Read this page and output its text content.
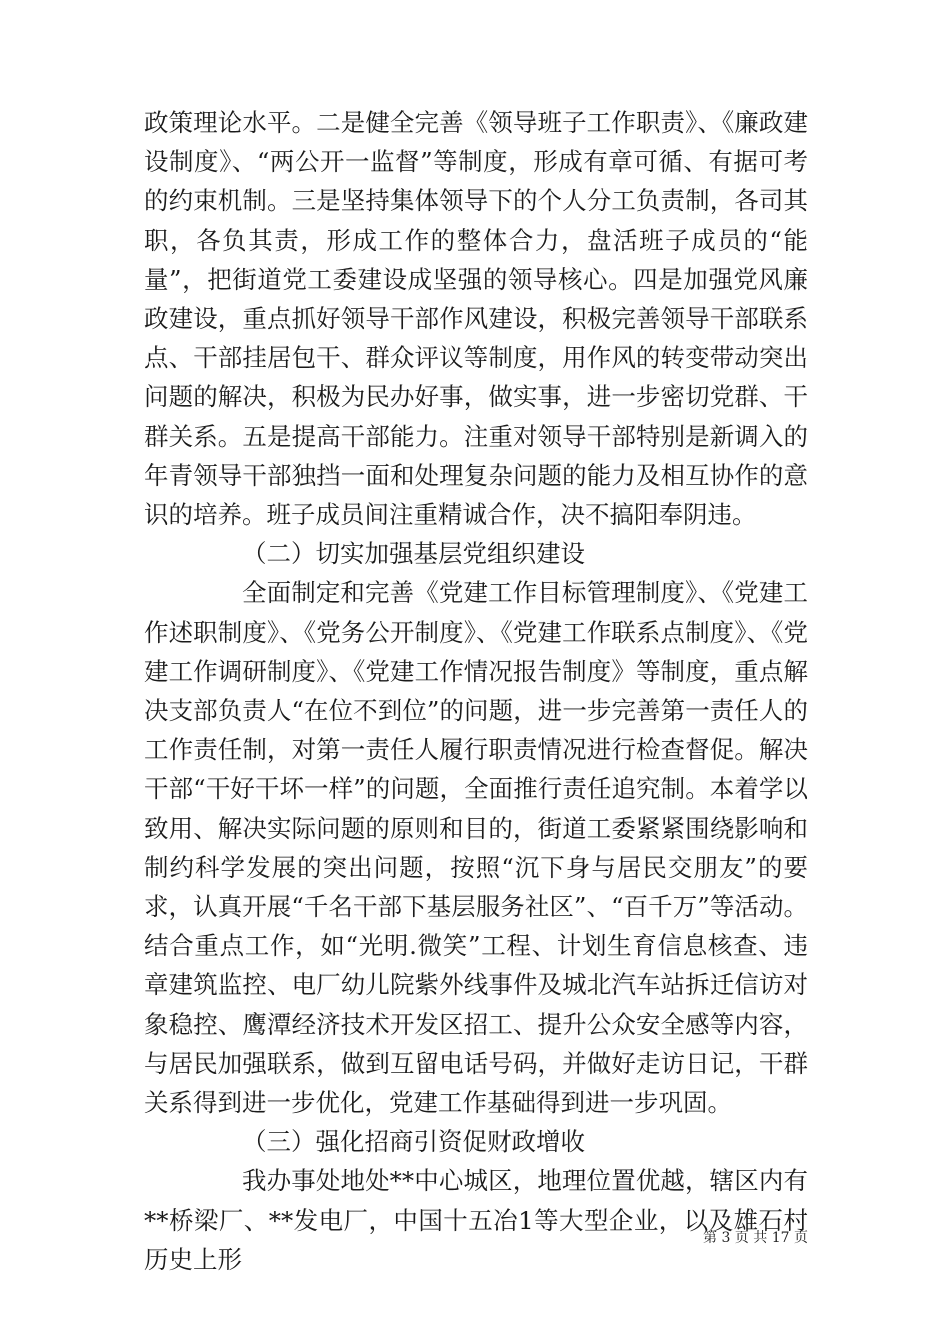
政策理论水平。二是健全完善《领导班子工作职责》、《廉政建设制度》、“两公开一监督”等制度，形成有章可循、有据可考的约束机制。三是坚持集体领导下的个人分工负责制，各司其职，各负其责，形成工作的整体合力，盘活班子成员的“能量”，把街道党工委建设成坚强的领导核心。四是加强党风廉政建设，重点抓好领导干部作风建设，积极完善领导干部联系点、干部挂居包干、群众评议等制度，用作风的转变带动突出问题的解决，积极为民办好事，做实事，进一步密切党群、干群关系。五是提高干部能力。注重对领导干部特别是新调入的年青领导干部独挡一面和处理复杂问题的能力及相互协作的意识的培养。班子成员间注重精诚合作，决不搞阳奉阴违。

（二）切实加强基层党组织建设

全面制定和完善《党建工作目标管理制度》、《党建工作述职制度》、《党务公开制度》、《党建工作联系点制度》、《党建工作调研制度》、《党建工作情况报告制度》等制度，重点解决支部负责人“在位不到位”的问题，进一步完善第一责任人的工作责任制，对第一责任人履行职责情况进行检查督促。解决干部“干好干坏一样”的问题，全面推行责任追究制。本着学以致用、解决实际问题的原则和目的，街道工委紧紧围绕影响和制约科学发展的突出问题，按照“沉下身与居民交朋友”的要求，认真开展“千名干部下基层服务社区”、“百千万”等活动。结合重点工作，如“光明.微笑”工程、计划生育信息核查、违章建筑监控、电厂幼儿院紫外线事件及城北汽车站拆迁信访对象稳控、鹰潭经济技术开发区招工、提升公众安全感等内容，与居民加强联系，做到互留电话号码，并做好走访日记，干群关系得到进一步优化，党建工作基础得到进一步巩固。

（三）强化招商引资促财政增收

我办事处地处**中心城区，地理位置优越，辖区内有**桥梁厂、**发电厂，中国十五冶1等大型企业，以及雄石村历史上形

第 3 页 共 17 页
